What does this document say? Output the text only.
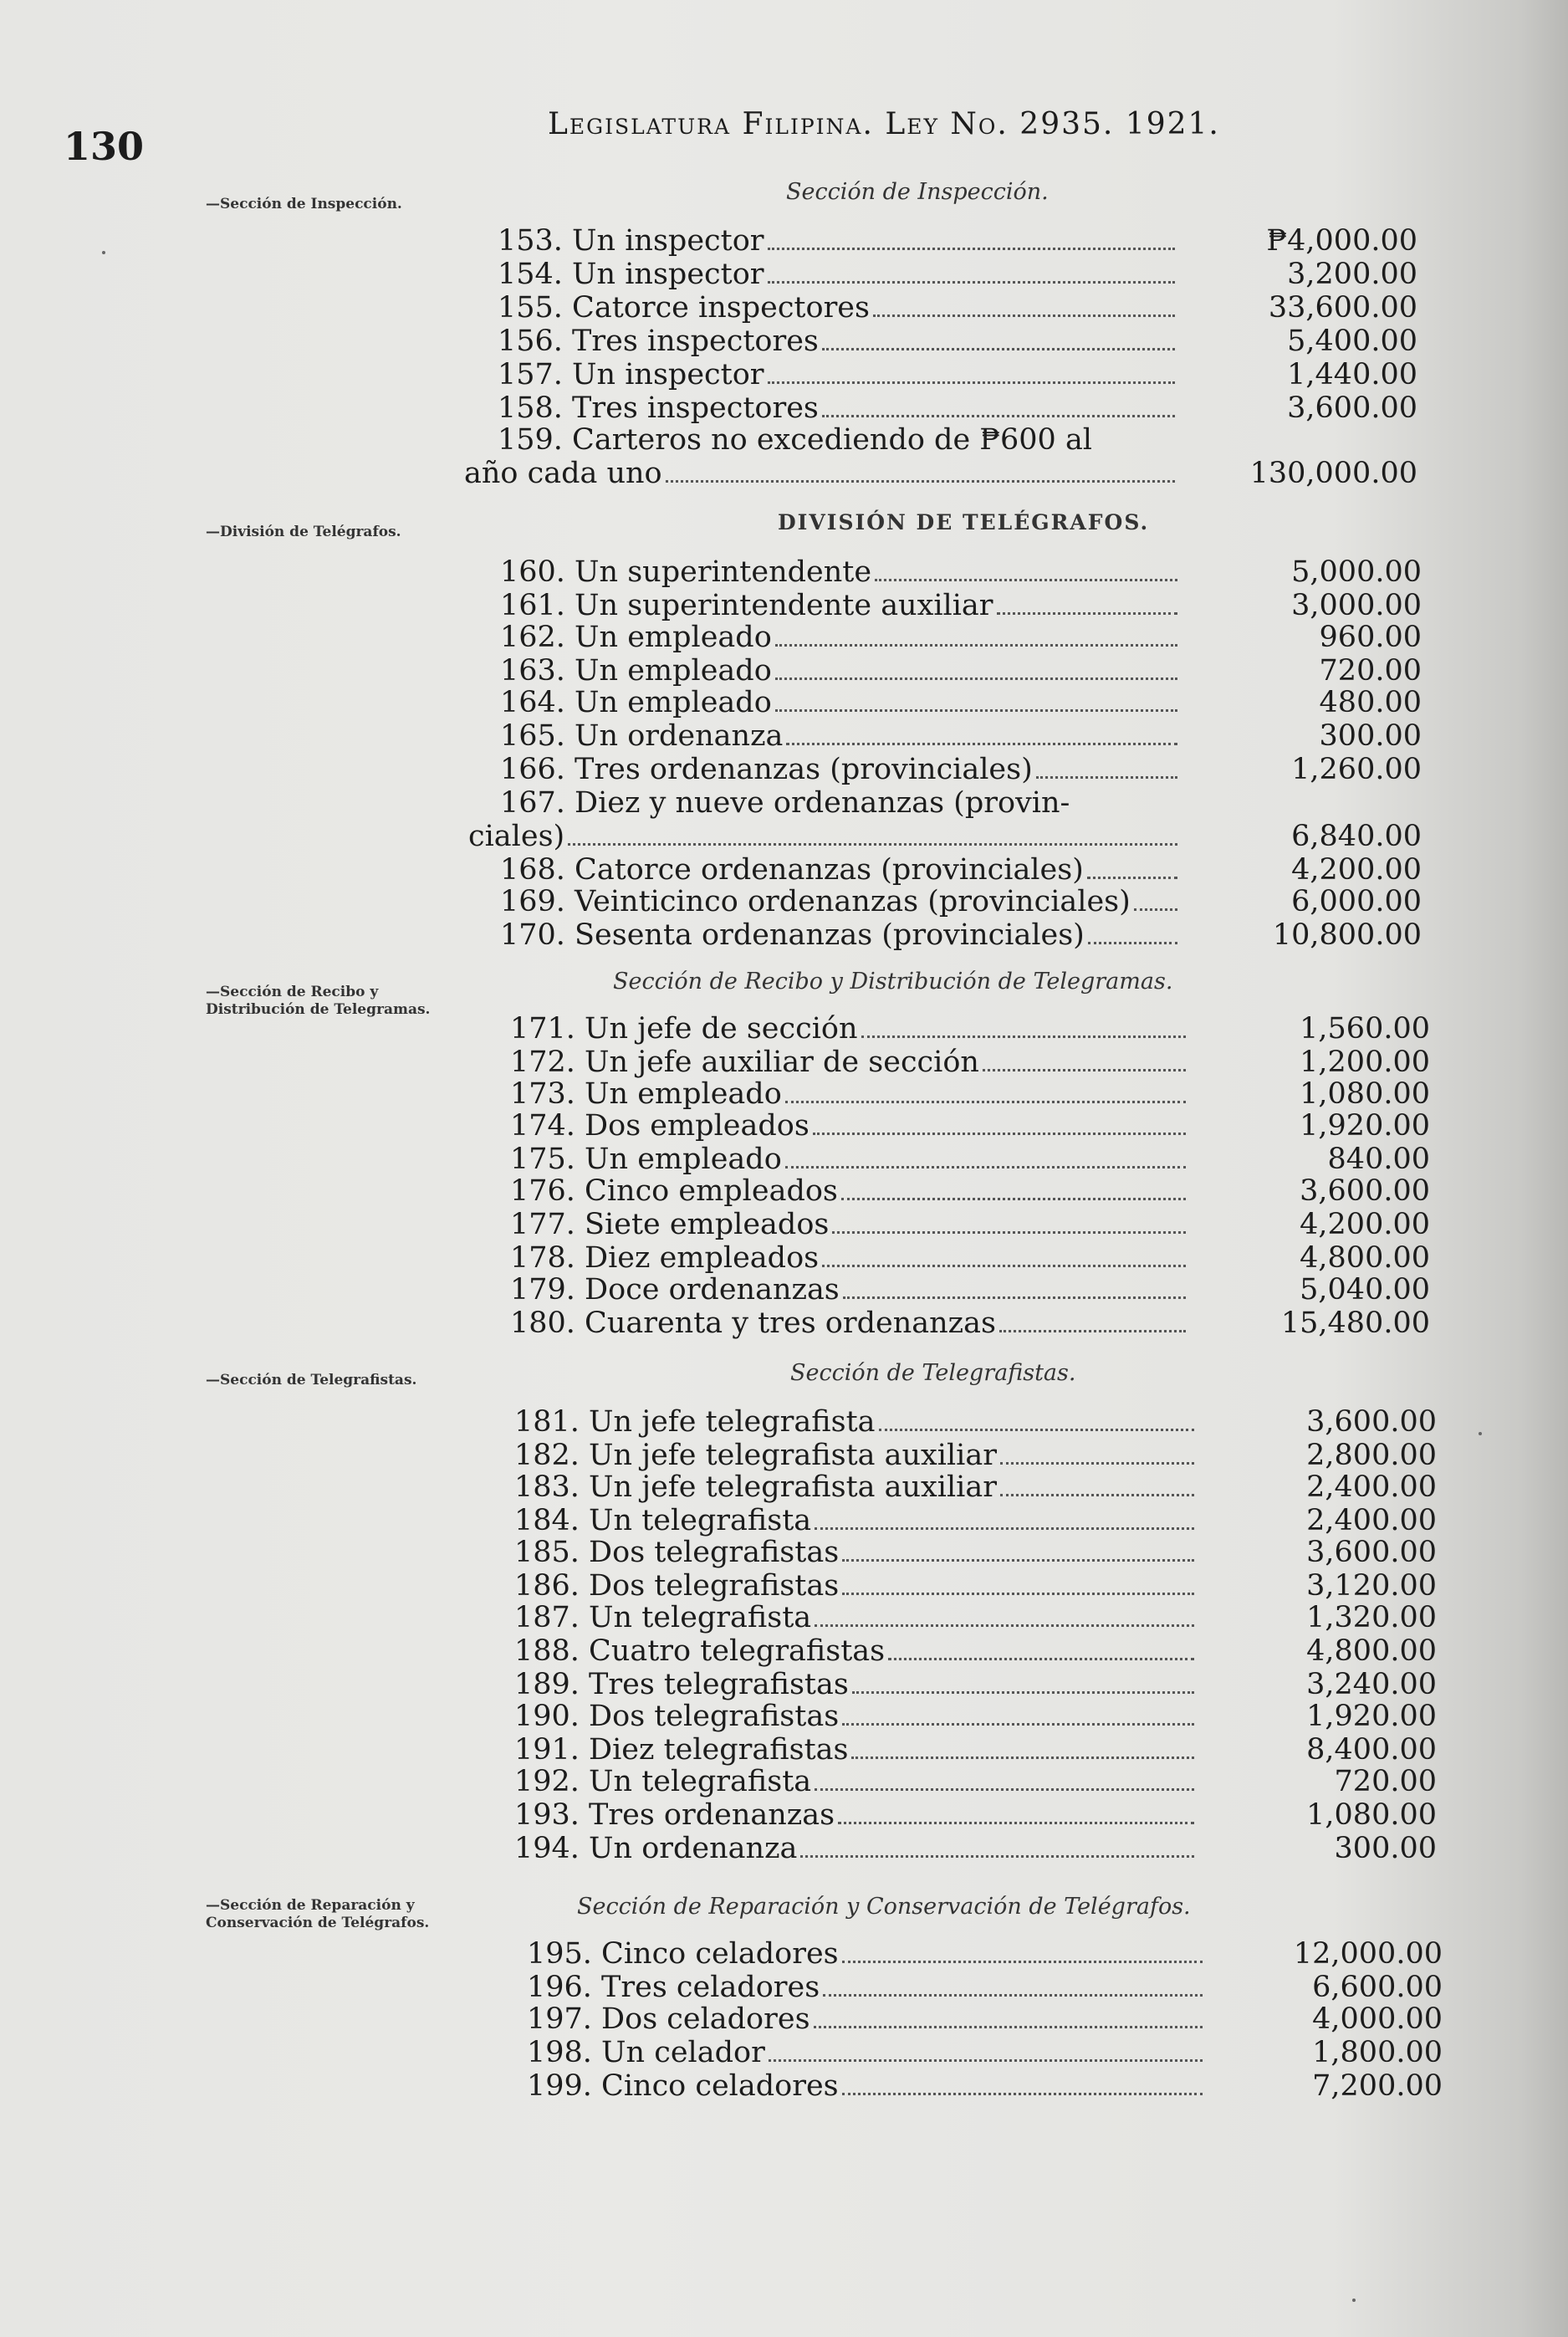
130	Legislatura Filipina. Ley No. 2935. 1921.
—Sección de Inspección.
—División de Telégrafos.
—Sección de Recibo y Distribución de Telegramas.
—Sección de Telegrafistas.
—Sección de Reparación y Conservación de Telégrafos.
Sección de Inspección.
DIVISIÓN DE TELÉGRAFOS.
Sección de Recibo y Distribución de Telegramas.
Sección de Telegrafistas.
Sección de Reparación y Conservación de Telégrafos.
153. Un inspector	₱4,000.00
154. Un inspector	3,200.00
155. Catorce inspectores	33,600.00
156. Tres inspectores	5,400.00
157. Un inspector	1,440.00
158. Tres inspectores	3,600.00
159. Carteros no excediendo de ₱600 al
año cada uno	130,000.00
160. Un superintendente	5,000.00
161. Un superintendente auxiliar	3,000.00
162. Un empleado	960.00
163. Un empleado	720.00
164. Un empleado	480.00
165. Un ordenanza	300.00
166. Tres ordenanzas (provinciales)	1,260.00
167. Diez y nueve ordenanzas (provin-
ciales)	6,840.00
168. Catorce ordenanzas (provinciales)	4,200.00
169. Veinticinco ordenanzas (provinciales)	6,000.00
170. Sesenta ordenanzas (provinciales)	10,800.00
171. Un jefe de sección	1,560.00
172. Un jefe auxiliar de sección	1,200.00
173. Un empleado	1,080.00
174. Dos empleados	1,920.00
175. Un empleado	840.00
176. Cinco empleados	3,600.00
177. Siete empleados	4,200.00
178. Diez empleados	4,800.00
179. Doce ordenanzas	5,040.00
180. Cuarenta y tres ordenanzas	15,480.00
181. Un jefe telegrafista	3,600.00
182. Un jefe telegrafista auxiliar	2,800.00
183. Un jefe telegrafista auxiliar	2,400.00
184. Un telegrafista	2,400.00
185. Dos telegrafistas	3,600.00
186. Dos telegrafistas	3,120.00
187. Un telegrafista	1,320.00
188. Cuatro telegrafistas	4,800.00
189. Tres telegrafistas	3,240.00
190. Dos telegrafistas	1,920.00
191. Diez telegrafistas	8,400.00
192. Un telegrafista	720.00
193. Tres ordenanzas	1,080.00
194. Un ordenanza	300.00
195. Cinco celadores	12,000.00
196. Tres celadores	6,600.00
197. Dos celadores	4,000.00
198. Un celador	1,800.00
199. Cinco celadores	7,200.00
